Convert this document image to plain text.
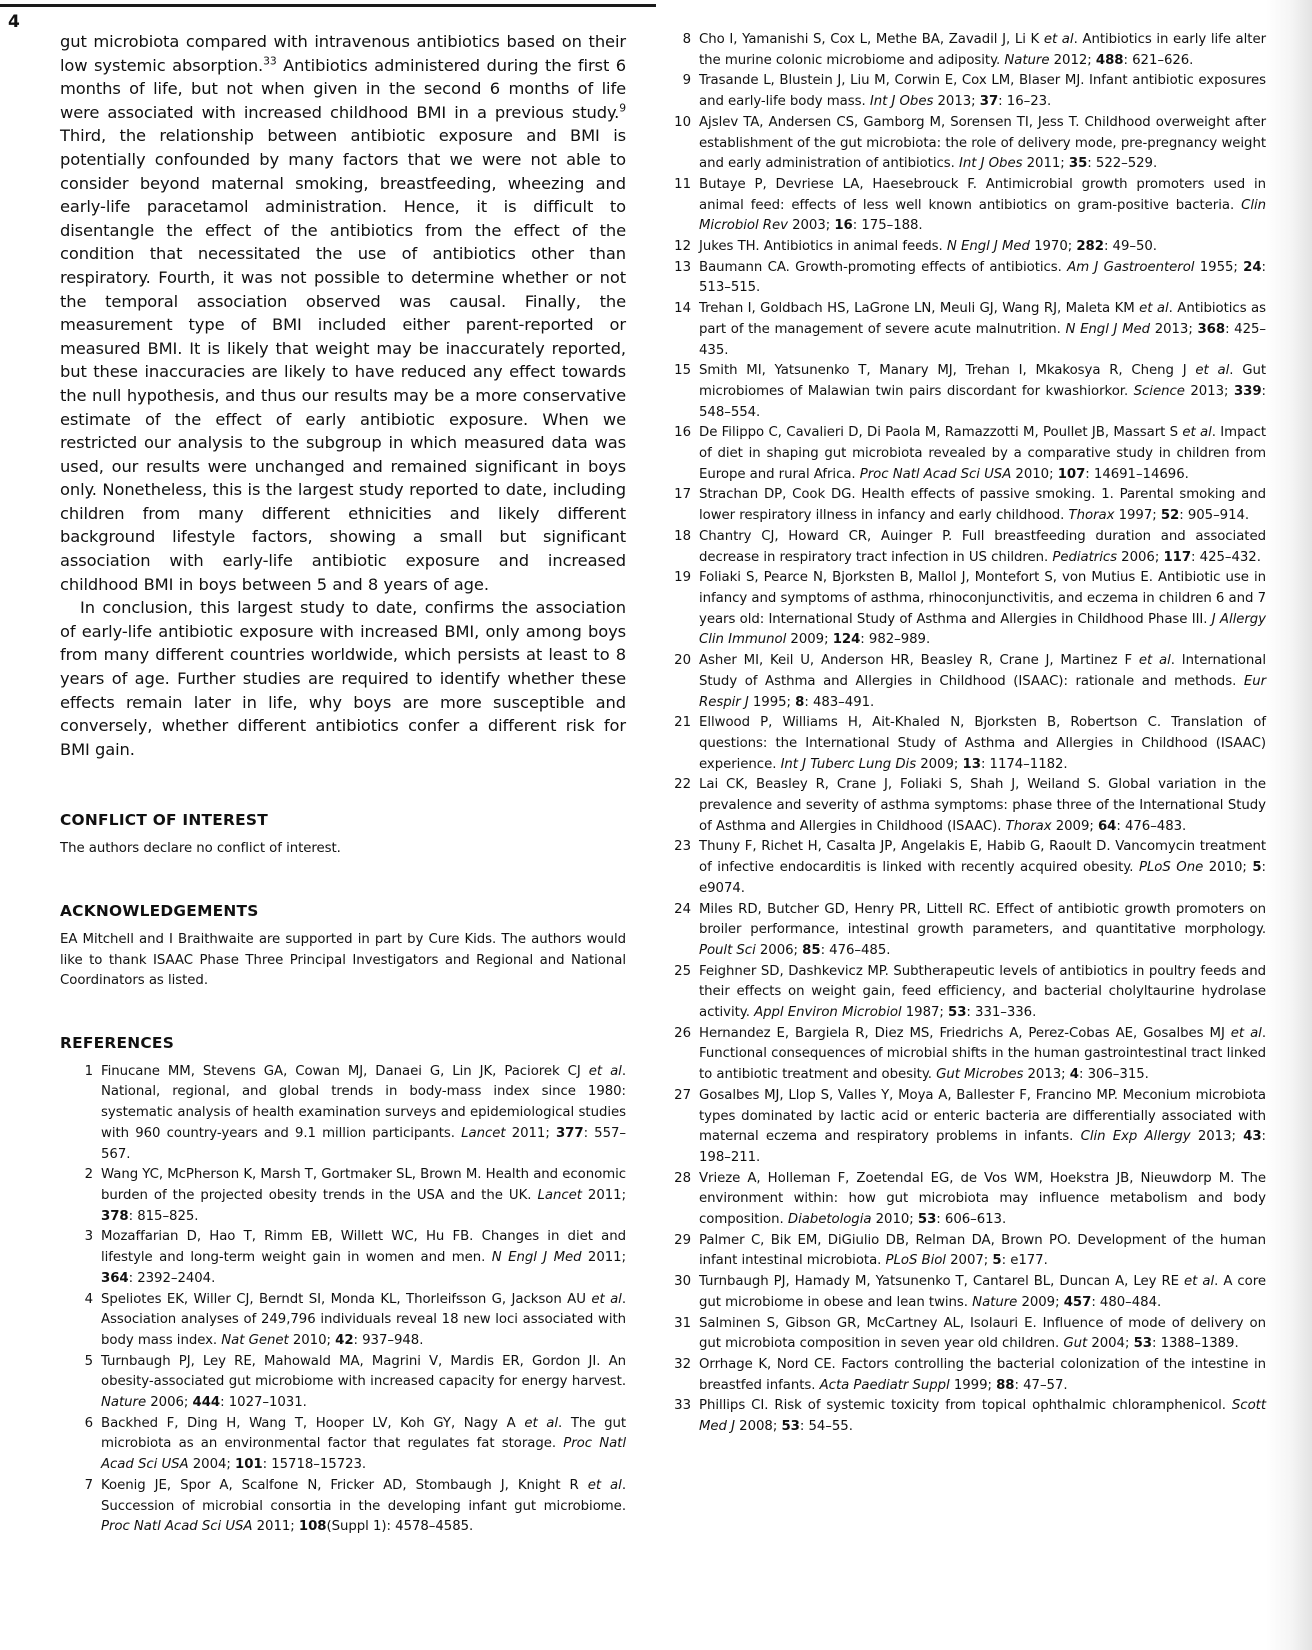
4

gut microbiota compared with intravenous antibiotics based on their low systemic absorption.$^{33}$ Antibiotics administered during the first 6 months of life, but not when given in the second 6 months of life were associated with increased childhood BMI in a previous study.$^9$ Third, the relationship between antibiotic exposure and BMI is potentially confounded by many factors that we were not able to consider beyond maternal smoking, breastfeeding, wheezing and early-life paracetamol administration. Hence, it is difficult to disentangle the effect of the antibiotics from the effect of the condition that necessitated the use of antibiotics other than respiratory. Fourth, it was not possible to determine whether or not the temporal association observed was causal. Finally, the measurement type of BMI included either parent-reported or measured BMI. It is likely that weight may be inaccurately reported, but these inaccuracies are likely to have reduced any effect towards the null hypothesis, and thus our results may be a more conservative estimate of the effect of early antibiotic exposure. When we restricted our analysis to the subgroup in which measured data was used, our results were unchanged and remained significant in boys only. Nonetheless, this is the largest study reported to date, including children from many different ethnicities and likely different background lifestyle factors, showing a small but significant association with early-life antibiotic exposure and increased childhood BMI in boys between 5 and 8 years of age.

In conclusion, this largest study to date, confirms the association of early-life antibiotic exposure with increased BMI, only among boys from many different countries worldwide, which persists at least to 8 years of age. Further studies are required to identify whether these effects remain later in life, why boys are more susceptible and conversely, whether different antibiotics confer a different risk for BMI gain.

CONFLICT OF INTEREST

The authors declare no conflict of interest.

ACKNOWLEDGEMENTS

EA Mitchell and I Braithwaite are supported in part by Cure Kids. The authors would like to thank ISAAC Phase Three Principal Investigators and Regional and National Coordinators as listed.

REFERENCES
1 Finucane MM, Stevens GA, Cowan MJ, Danaei G, Lin JK, Paciorek CJ et al. National, regional, and global trends in body-mass index since 1980: systematic analysis of health examination surveys and epidemiological studies with 960 country-years and 9.1 million participants. Lancet 2011; 377: 557–567.
2 Wang YC, McPherson K, Marsh T, Gortmaker SL, Brown M. Health and economic burden of the projected obesity trends in the USA and the UK. Lancet 2011; 378: 815–825.
3 Mozaffarian D, Hao T, Rimm EB, Willett WC, Hu FB. Changes in diet and lifestyle and long-term weight gain in women and men. N Engl J Med 2011; 364: 2392–2404.
4 Speliotes EK, Willer CJ, Berndt SI, Monda KL, Thorleifsson G, Jackson AU et al. Association analyses of 249,796 individuals reveal 18 new loci associated with body mass index. Nat Genet 2010; 42: 937–948.
5 Turnbaugh PJ, Ley RE, Mahowald MA, Magrini V, Mardis ER, Gordon JI. An obesity-associated gut microbiome with increased capacity for energy harvest. Nature 2006; 444: 1027–1031.
6 Backhed F, Ding H, Wang T, Hooper LV, Koh GY, Nagy A et al. The gut microbiota as an environmental factor that regulates fat storage. Proc Natl Acad Sci USA 2004; 101: 15718–15723.
7 Koenig JE, Spor A, Scalfone N, Fricker AD, Stombaugh J, Knight R et al. Succession of microbial consortia in the developing infant gut microbiome. Proc Natl Acad Sci USA 2011; 108(Suppl 1): 4578–4585.
8 Cho I, Yamanishi S, Cox L, Methe BA, Zavadil J, Li K et al. Antibiotics in early life alter the murine colonic microbiome and adiposity. Nature 2012; 488: 621–626.
9 Trasande L, Blustein J, Liu M, Corwin E, Cox LM, Blaser MJ. Infant antibiotic exposures and early-life body mass. Int J Obes 2013; 37: 16–23.
10 Ajslev TA, Andersen CS, Gamborg M, Sorensen TI, Jess T. Childhood overweight after establishment of the gut microbiota: the role of delivery mode, pre-pregnancy weight and early administration of antibiotics. Int J Obes 2011; 35: 522–529.
11 Butaye P, Devriese LA, Haesebrouck F. Antimicrobial growth promoters used in animal feed: effects of less well known antibiotics on gram-positive bacteria. Clin Microbiol Rev 2003; 16: 175–188.
12 Jukes TH. Antibiotics in animal feeds. N Engl J Med 1970; 282: 49–50.
13 Baumann CA. Growth-promoting effects of antibiotics. Am J Gastroenterol 1955; 24: 513–515.
14 Trehan I, Goldbach HS, LaGrone LN, Meuli GJ, Wang RJ, Maleta KM et al. Antibiotics as part of the management of severe acute malnutrition. N Engl J Med 2013; 368: 425–435.
15 Smith MI, Yatsunenko T, Manary MJ, Trehan I, Mkakosya R, Cheng J et al. Gut microbiomes of Malawian twin pairs discordant for kwashiorkor. Science 2013; 339: 548–554.
16 De Filippo C, Cavalieri D, Di Paola M, Ramazzotti M, Poullet JB, Massart S et al. Impact of diet in shaping gut microbiota revealed by a comparative study in children from Europe and rural Africa. Proc Natl Acad Sci USA 2010; 107: 14691–14696.
17 Strachan DP, Cook DG. Health effects of passive smoking. 1. Parental smoking and lower respiratory illness in infancy and early childhood. Thorax 1997; 52: 905–914.
18 Chantry CJ, Howard CR, Auinger P. Full breastfeeding duration and associated decrease in respiratory tract infection in US children. Pediatrics 2006; 117: 425–432.
19 Foliaki S, Pearce N, Bjorksten B, Mallol J, Montefort S, von Mutius E. Antibiotic use in infancy and symptoms of asthma, rhinoconjunctivitis, and eczema in children 6 and 7 years old: International Study of Asthma and Allergies in Childhood Phase III. J Allergy Clin Immunol 2009; 124: 982–989.
20 Asher MI, Keil U, Anderson HR, Beasley R, Crane J, Martinez F et al. International Study of Asthma and Allergies in Childhood (ISAAC): rationale and methods. Eur Respir J 1995; 8: 483–491.
21 Ellwood P, Williams H, Ait-Khaled N, Bjorksten B, Robertson C. Translation of questions: the International Study of Asthma and Allergies in Childhood (ISAAC) experience. Int J Tuberc Lung Dis 2009; 13: 1174–1182.
22 Lai CK, Beasley R, Crane J, Foliaki S, Shah J, Weiland S. Global variation in the prevalence and severity of asthma symptoms: phase three of the International Study of Asthma and Allergies in Childhood (ISAAC). Thorax 2009; 64: 476–483.
23 Thuny F, Richet H, Casalta JP, Angelakis E, Habib G, Raoult D. Vancomycin treatment of infective endocarditis is linked with recently acquired obesity. PLoS One 2010; 5: e9074.
24 Miles RD, Butcher GD, Henry PR, Littell RC. Effect of antibiotic growth promoters on broiler performance, intestinal growth parameters, and quantitative morphology. Poult Sci 2006; 85: 476–485.
25 Feighner SD, Dashkevicz MP. Subtherapeutic levels of antibiotics in poultry feeds and their effects on weight gain, feed efficiency, and bacterial cholyltaurine hydrolase activity. Appl Environ Microbiol 1987; 53: 331–336.
26 Hernandez E, Bargiela R, Diez MS, Friedrichs A, Perez-Cobas AE, Gosalbes MJ et al. Functional consequences of microbial shifts in the human gastrointestinal tract linked to antibiotic treatment and obesity. Gut Microbes 2013; 4: 306–315.
27 Gosalbes MJ, Llop S, Valles Y, Moya A, Ballester F, Francino MP. Meconium microbiota types dominated by lactic acid or enteric bacteria are differentially associated with maternal eczema and respiratory problems in infants. Clin Exp Allergy 2013; 43: 198–211.
28 Vrieze A, Holleman F, Zoetendal EG, de Vos WM, Hoekstra JB, Nieuwdorp M. The environment within: how gut microbiota may influence metabolism and body composition. Diabetologia 2010; 53: 606–613.
29 Palmer C, Bik EM, DiGiulio DB, Relman DA, Brown PO. Development of the human infant intestinal microbiota. PLoS Biol 2007; 5: e177.
30 Turnbaugh PJ, Hamady M, Yatsunenko T, Cantarel BL, Duncan A, Ley RE et al. A core gut microbiome in obese and lean twins. Nature 2009; 457: 480–484.
31 Salminen S, Gibson GR, McCartney AL, Isolauri E. Influence of mode of delivery on gut microbiota composition in seven year old children. Gut 2004; 53: 1388–1389.
32 Orrhage K, Nord CE. Factors controlling the bacterial colonization of the intestine in breastfed infants. Acta Paediatr Suppl 1999; 88: 47–57.
33 Phillips CI. Risk of systemic toxicity from topical ophthalmic chloramphenicol. Scott Med J 2008; 53: 54–55.
